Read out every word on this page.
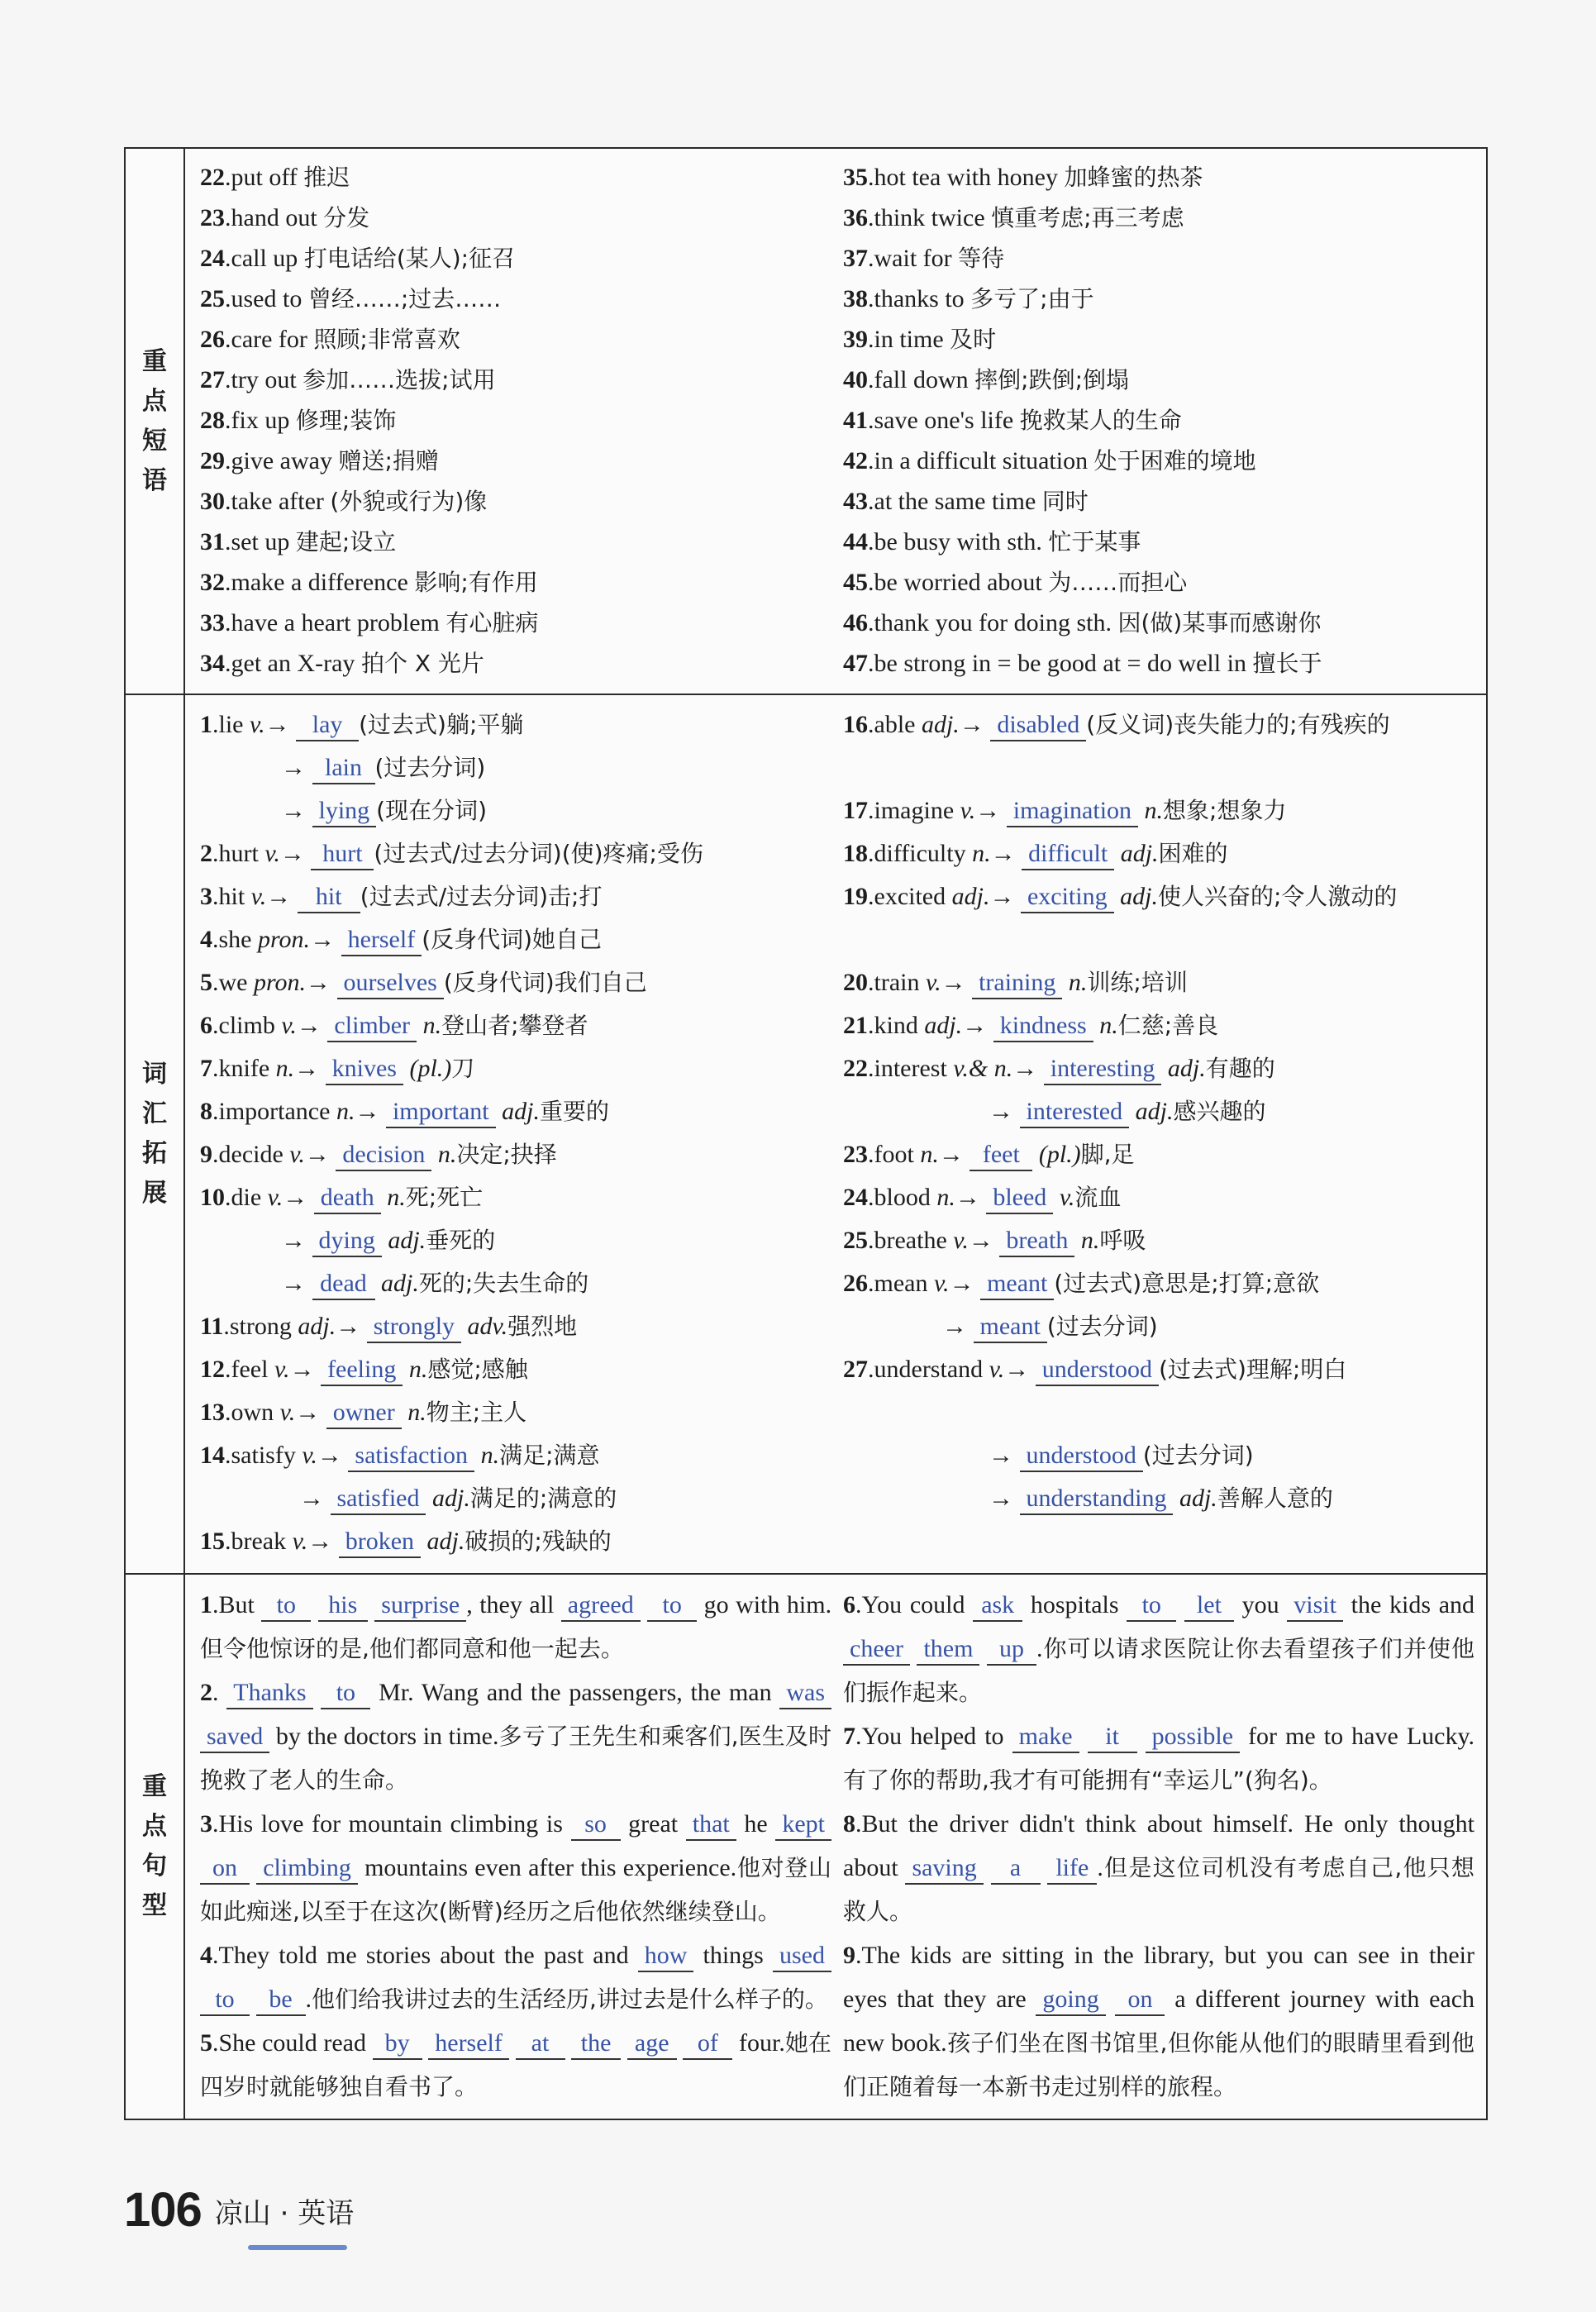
重
点
短
语
22.put off 推迟
23.hand out 分发
24.call up 打电话给(某人);征召
25.used to 曾经……;过去……
26.care for 照顾;非常喜欢
27.try out 参加……选拔;试用
28.fix up 修理;装饰
29.give away 赠送;捐赠
30.take after (外貌或行为)像
31.set up 建起;设立
32.make a difference 影响;有作用
33.have a heart problem 有心脏病
34.get an X-ray 拍个 X 光片
35.hot tea with honey 加蜂蜜的热茶
36.think twice 慎重考虑;再三考虑
37.wait for 等待
38.thanks to 多亏了;由于
39.in time 及时
40.fall down 摔倒;跌倒;倒塌
41.save one's life 挽救某人的生命
42.in a difficult situation 处于困难的境地
43.at the same time 同时
44.be busy with sth. 忙于某事
45.be worried about 为……而担心
46.thank you for doing sth. 因(做)某事而感谢你
47.be strong in = be good at = do well in 擅长于
词
汇
拓
展
1.lie v.→ lay (过去式)躺;平躺
→ lain (过去分词)
→ lying (现在分词)
2.hurt v.→ hurt (过去式/过去分词)(使)疼痛;受伤
3.hit v.→ hit (过去式/过去分词)击;打
4.she pron.→ herself (反身代词)她自己
5.we pron.→ ourselves (反身代词)我们自己
6.climb v.→ climber n.登山者;攀登者
7.knife n.→ knives (pl.)刀
8.importance n.→ important adj.重要的
9.decide v.→ decision n.决定;抉择
10.die v.→ death n.死;死亡
→ dying adj.垂死的
→ dead adj.死的;失去生命的
11.strong adj.→ strongly adv.强烈地
12.feel v.→ feeling n.感觉;感触
13.own v.→ owner n.物主;主人
14.satisfy v.→ satisfaction n.满足;满意
→ satisfied adj.满足的;满意的
15.break v.→ broken adj.破损的;残缺的
16.able adj.→ disabled (反义词)丧失能力的;有残疾的
17.imagine v.→ imagination n.想象;想象力
18.difficulty n.→ difficult adj.困难的
19.excited adj.→ exciting adj.使人兴奋的;令人激动的
20.train v.→ training n.训练;培训
21.kind adj.→ kindness n.仁慈;善良
22.interest v.& n.→ interesting adj.有趣的
→ interested adj.感兴趣的
23.foot n.→ feet (pl.)脚,足
24.blood n.→ bleed v.流血
25.breathe v.→ breath n.呼吸
26.mean v.→ meant (过去式)意思是;打算;意欲
→ meant (过去分词)
27.understand v.→ understood (过去式)理解;明白
→ understood (过去分词)
→ understanding adj.善解人意的
重
点
句
型
1.But to his surprise , they all agreed to go with him.但令他惊讶的是,他们都同意和他一起去。
2. Thanks to Mr. Wang and the passengers, the man was saved by the doctors in time.多亏了王先生和乘客们,医生及时挽救了老人的生命。
3.His love for mountain climbing is so great that he kept on climbing mountains even after this experience.他对登山如此痴迷,以至于在这次(断臂)经历之后他依然继续登山。
4.They told me stories about the past and how things used to be .他们给我讲过去的生活经历,讲过去是什么样子的。
5.She could read by herself at the age of four.她在四岁时就能够独自看书了。
6.You could ask hospitals to let you visit the kids and cheer them up .你可以请求医院让你去看望孩子们并使他们振作起来。
7.You helped to make it possible for me to have Lucky.有了你的帮助,我才有可能拥有“幸运儿”(狗名)。
8.But the driver didn't think about himself. He only thought about saving a life .但是这位司机没有考虑自己,他只想救人。
9.The kids are sitting in the library, but you can see in their eyes that they are going on a different journey with each new book.孩子们坐在图书馆里,但你能从他们的眼睛里看到他们正随着每一本新书走过别样的旅程。
106 凉山 · 英语
